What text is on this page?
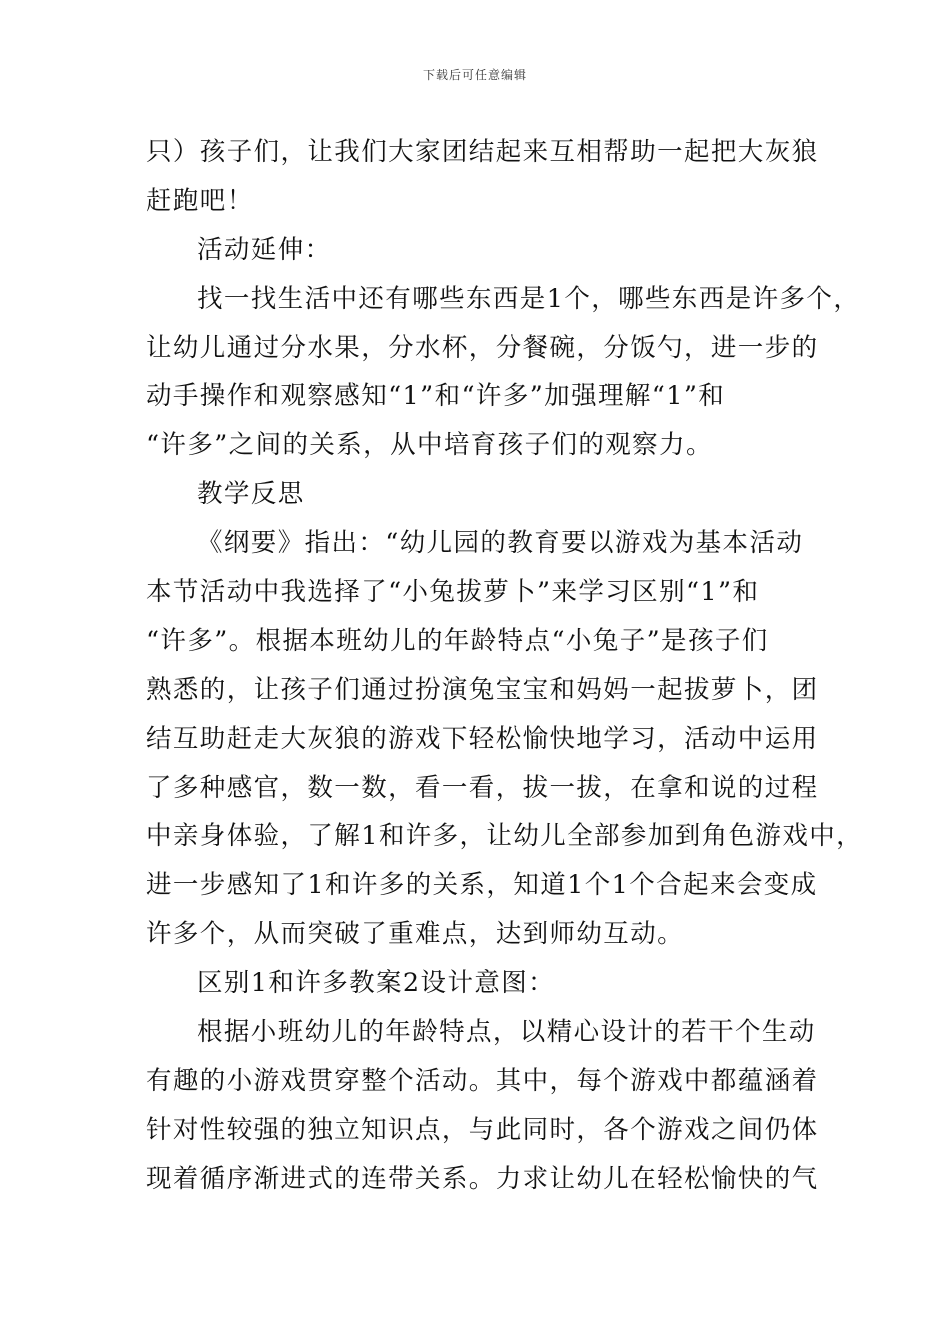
下载后可任意编辑
只）孩子们，让我们大家团结起来互相帮助一起把大灰狼
赶跑吧！
活动延伸：
找一找生活中还有哪些东西是1个，哪些东西是许多个，
让幼儿通过分水果，分水杯，分餐碗，分饭勺，进一步的
动手操作和观察感知“1”和“许多”加强理解“1”和
“许多”之间的关系，从中培育孩子们的观察力。
教学反思
《纲要》指出：“幼儿园的教育要以游戏为基本活动
本节活动中我选择了“小兔拔萝卜”来学习区别“1”和
“许多”。根据本班幼儿的年龄特点“小兔子”是孩子们
熟悉的，让孩子们通过扮演兔宝宝和妈妈一起拔萝卜，团
结互助赶走大灰狼的游戏下轻松愉快地学习，活动中运用
了多种感官，数一数，看一看，拔一拔，在拿和说的过程
中亲身体验，了解1和许多，让幼儿全部参加到角色游戏中，
进一步感知了1和许多的关系，知道1个1个合起来会变成
许多个，从而突破了重难点，达到师幼互动。
区别1和许多教案2设计意图：
根据小班幼儿的年龄特点，以精心设计的若干个生动
有趣的小游戏贯穿整个活动。其中，每个游戏中都蕴涵着
针对性较强的独立知识点，与此同时，各个游戏之间仍体
现着循序渐进式的连带关系。力求让幼儿在轻松愉快的气
